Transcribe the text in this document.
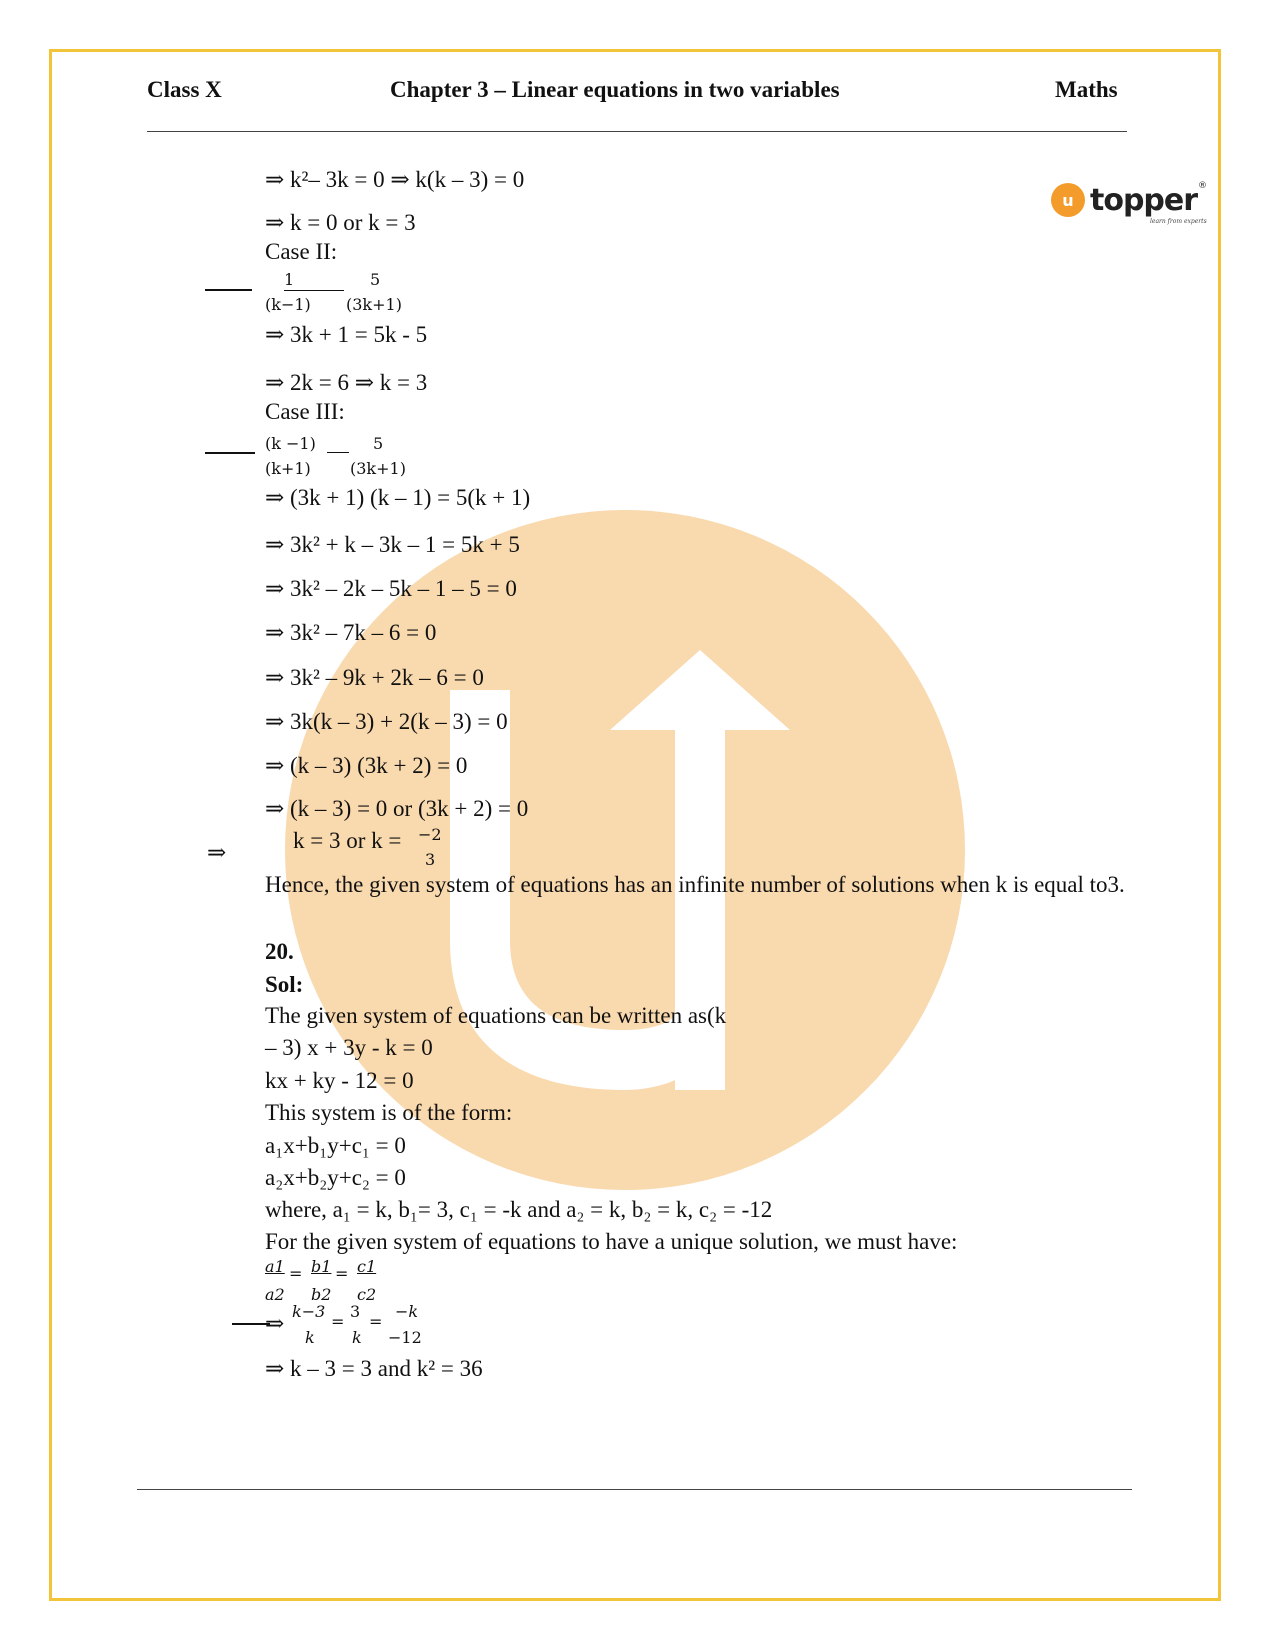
Class X	Chapter 3 – Linear equations in two variables	Maths
u topper ®
learn from experts
⇒ k²– 3k = 0 ⇒ k(k – 3) = 0
⇒ k = 0 or k = 3
Case II:
1	5
(k−1) (3k+1)
⇒ 3k + 1 = 5k - 5
⇒ 2k = 6 ⇒ k = 3
Case III:
(k −1)	5
(k+1) (3k+1)
⇒ (3k + 1) (k – 1) = 5(k + 1)
⇒ 3k² + k – 3k – 1 = 5k + 5
⇒ 3k² – 2k – 5k – 1 – 5 = 0
⇒ 3k² – 7k – 6 = 0
⇒ 3k² – 9k + 2k – 6 = 0
⇒ 3k(k – 3) + 2(k – 3) = 0
⇒ (k – 3) (3k + 2) = 0
⇒ (k – 3) = 0 or (3k + 2) = 0
⇒	k = 3 or k = −2
3
Hence, the given system of equations has an infinite number of solutions when k is equal to3.
20.
Sol:
The given system of equations can be written as(k
– 3) x + 3y - k = 0
kx + ky - 12 = 0
This system is of the form:
a₁x+b₁y+c₁ = 0
a₂x+b₂y+c₂ = 0
where, a₁ = k, b₁= 3, c₁ = -k and a₂ = k, b₂ = k, c₂ = -12
For the given system of equations to have a unique solution, we must have:
a1 = b1 = c1
a2 b2 c2
⇒ k−3
=
3
=
−k
k k −12
⇒ k – 3 = 3 and k² = 36
